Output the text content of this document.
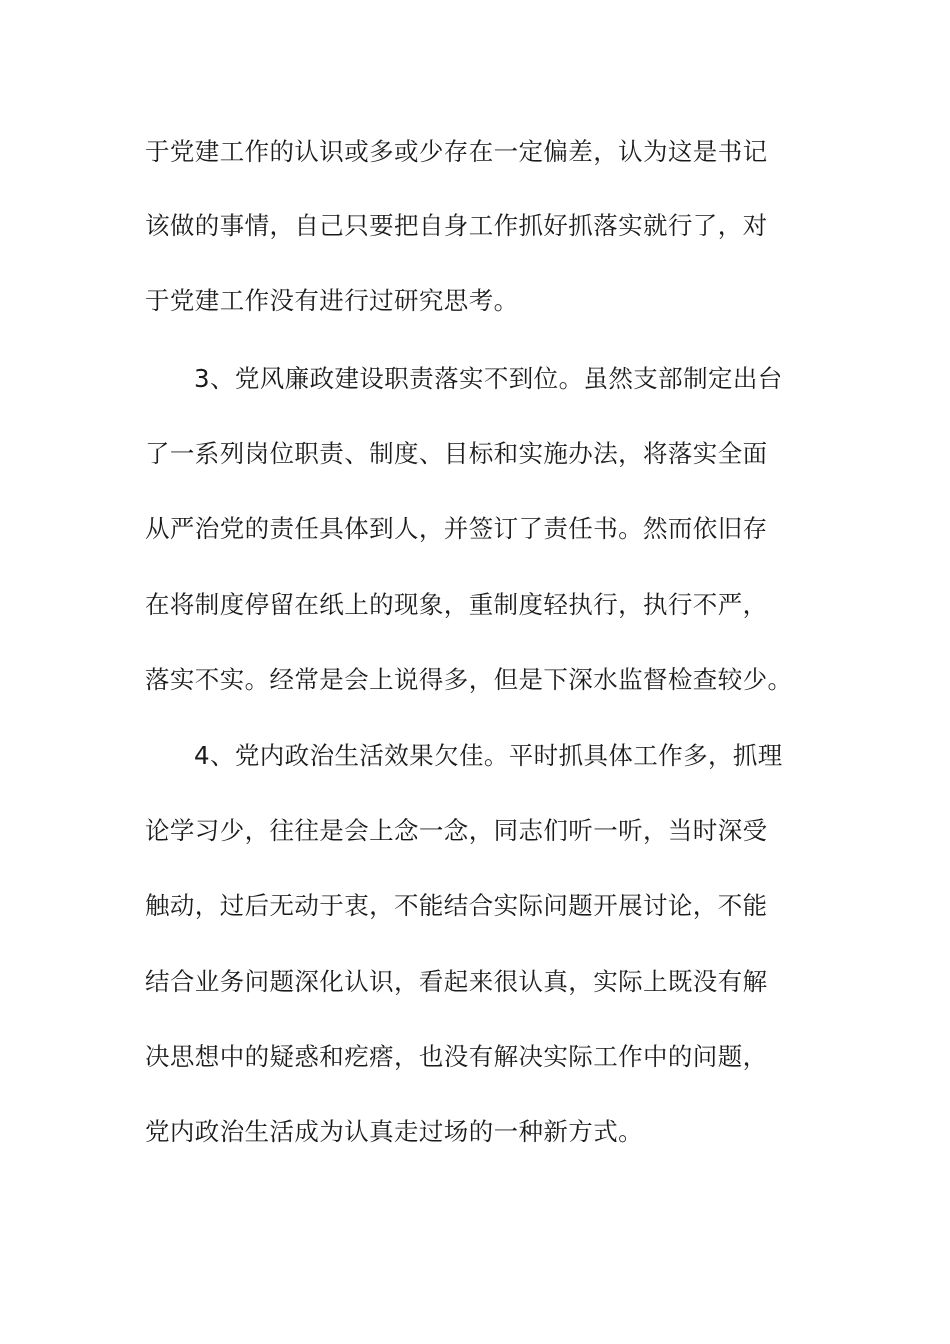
于党建工作的认识或多或少存在一定偏差，认为这是书记
该做的事情，自己只要把自身工作抓好抓落实就行了，对
于党建工作没有进行过研究思考。
3、党风廉政建设职责落实不到位。虽然支部制定出台
了一系列岗位职责、制度、目标和实施办法，将落实全面
从严治党的责任具体到人，并签订了责任书。然而依旧存
在将制度停留在纸上的现象，重制度轻执行，执行不严，
落实不实。经常是会上说得多，但是下深水监督检查较少。
4、党内政治生活效果欠佳。平时抓具体工作多，抓理
论学习少，往往是会上念一念，同志们听一听，当时深受
触动，过后无动于衷，不能结合实际问题开展讨论，不能
结合业务问题深化认识，看起来很认真，实际上既没有解
决思想中的疑惑和疙瘩，也没有解决实际工作中的问题，
党内政治生活成为认真走过场的一种新方式。
